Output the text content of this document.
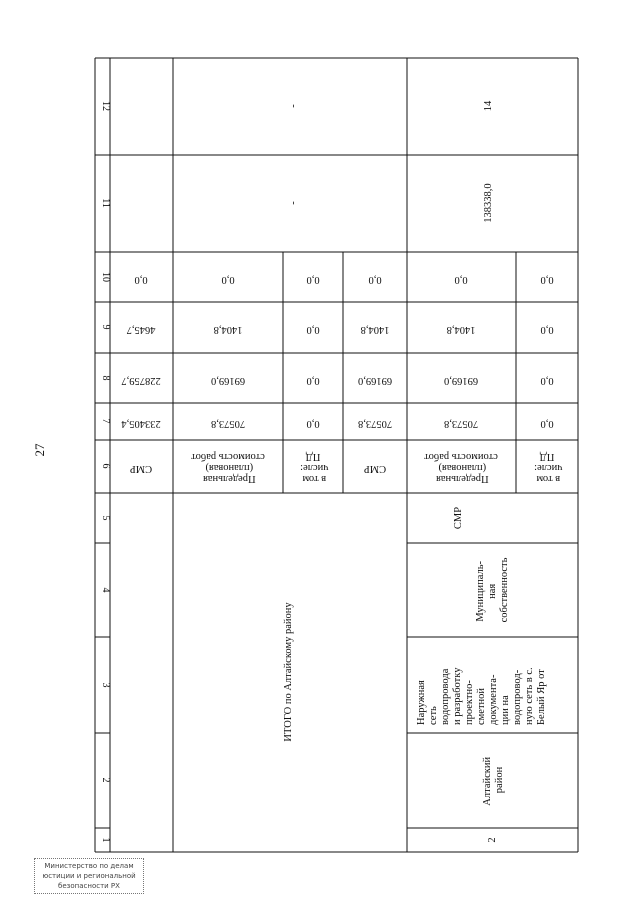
27
Министерство по делам
юстиции и региональной
безопасности РХ
1
2
3
4
5
6
7
8
9
10
11
12
СМР
233405,4
228759,7
4645,7
0,0
ИТОГО по Алтайскому району
-
-
Предельная (плановая) стоимость работ
70573,8
69169,0
1404,8
0,0
в том числе: ПД
0,0
0,0
0,0
0,0
СМР
70573,8
69169,0
1404,8
0,0
2
Алтайский район
Наружная сеть водопровода и разработку проектно- сметной документа- ции на водопровод- ную сеть в с. Белый Яр от
Муниципаль- ная собственность
СМР
Предельная (плановая) стоимость работ
70573,8
69169,0
1404,8
0,0
в том числе: ПД
0,0
0,0
0,0
0,0
138338,0
14
